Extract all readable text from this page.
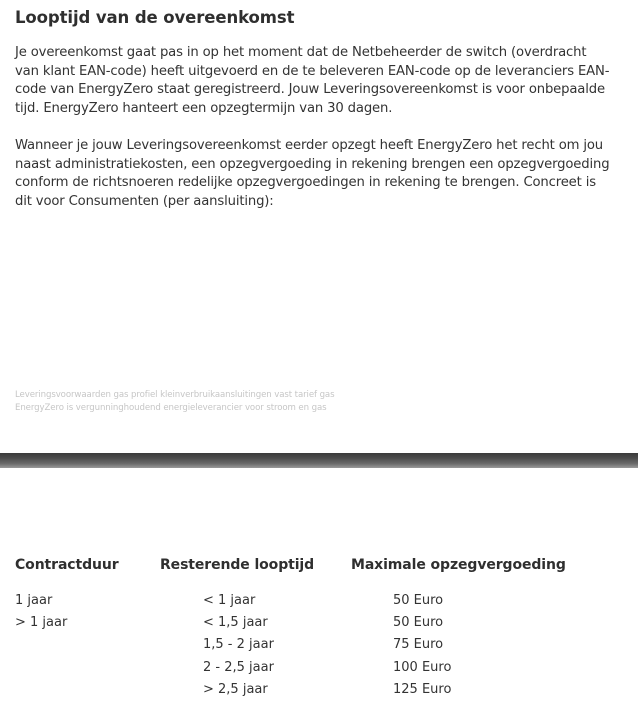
Looptijd van de overeenkomst
Je overeenkomst gaat pas in op het moment dat de Netbeheerder de switch (overdracht
van klant EAN-code) heeft uitgevoerd en de te beleveren EAN-code op de leveranciers EAN-
code van EnergyZero staat geregistreerd. Jouw Leveringsovereenkomst is voor onbepaalde
tijd. EnergyZero hanteert een opzegtermijn van 30 dagen.
Wanneer je jouw Leveringsovereenkomst eerder opzegt heeft EnergyZero het recht om jou
naast administratiekosten, een opzegvergoeding in rekening brengen een opzegvergoeding
conform de richtsnoeren redelijke opzegvergoedingen in rekening te brengen. Concreet is
dit voor Consumenten (per aansluiting):
Leveringsvoorwaarden gas profiel kleinverbruikaansluitingen vast tarief gas
EnergyZero is vergunninghoudend energieleverancier voor stroom en gas
Contractduur	Resterende looptijd	Maximale opzegvergoeding
1 jaar
> 1 jaar
< 1 jaar
< 1,5 jaar
1,5 - 2 jaar
2 - 2,5 jaar
> 2,5 jaar
50 Euro
50 Euro
75 Euro
100 Euro
125 Euro
